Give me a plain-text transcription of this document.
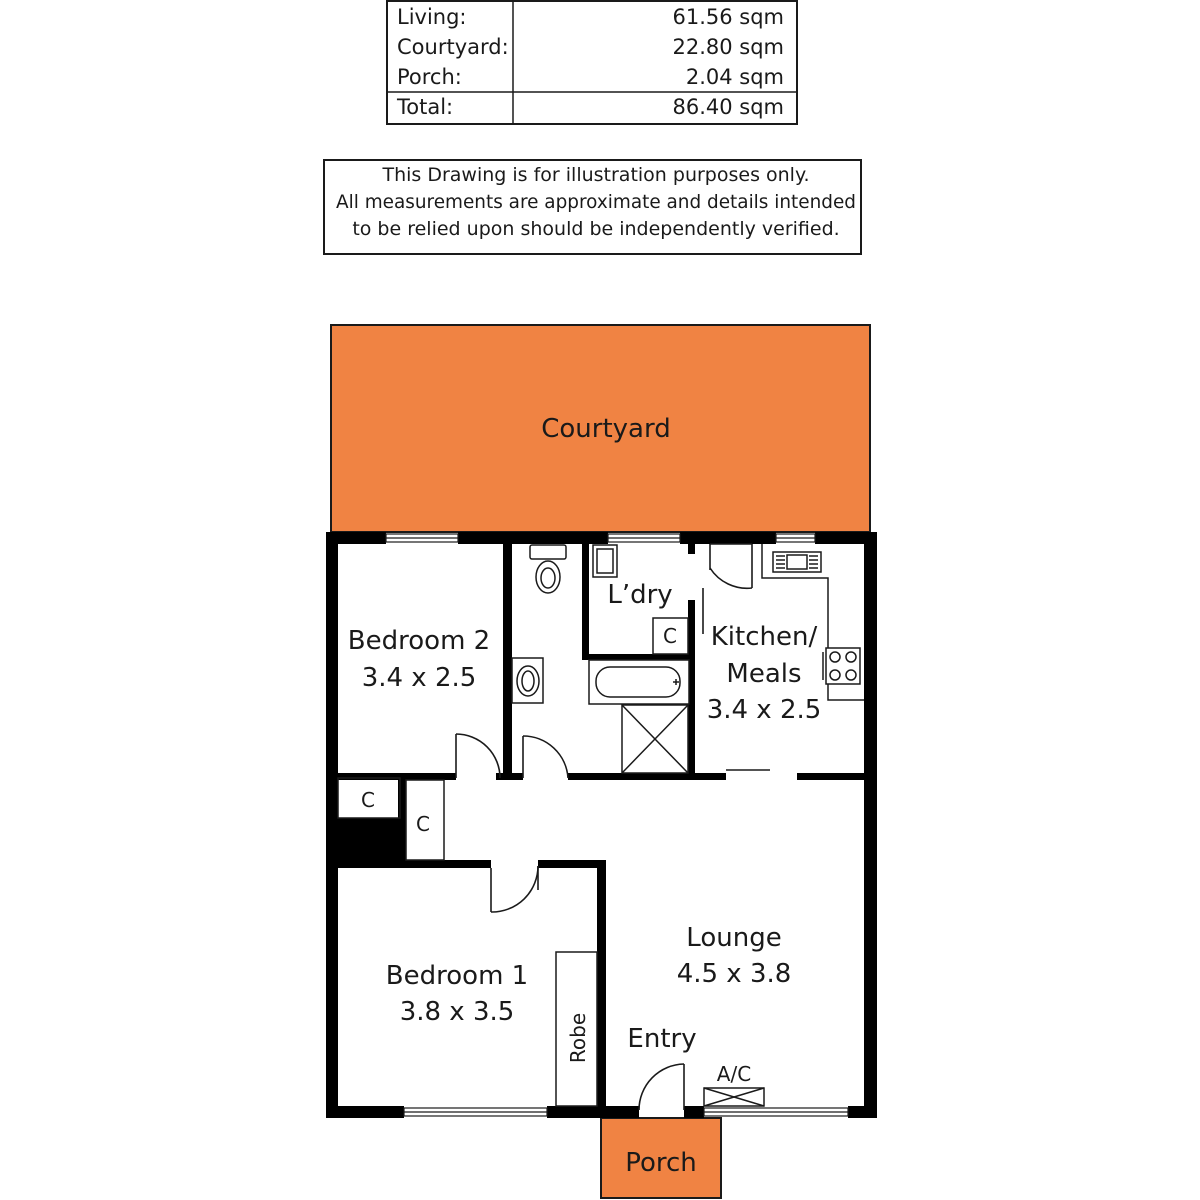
Living:	61.56 sqm
Courtyard:	22.80 sqm
Porch:	2.04 sqm
Total:	86.40 sqm
This Drawing is for illustration purposes only.
All measurements are approximate and details intended
to be relied upon should be independently verified.
Courtyard
Porch
C
C
C
Robe
Bedroom 2
3.4 x 2.5
L’dry
Kitchen/
Meals
3.4 x 2.5
Lounge
4.5 x 3.8
Bedroom 1
3.8 x 3.5
Entry
A/C
